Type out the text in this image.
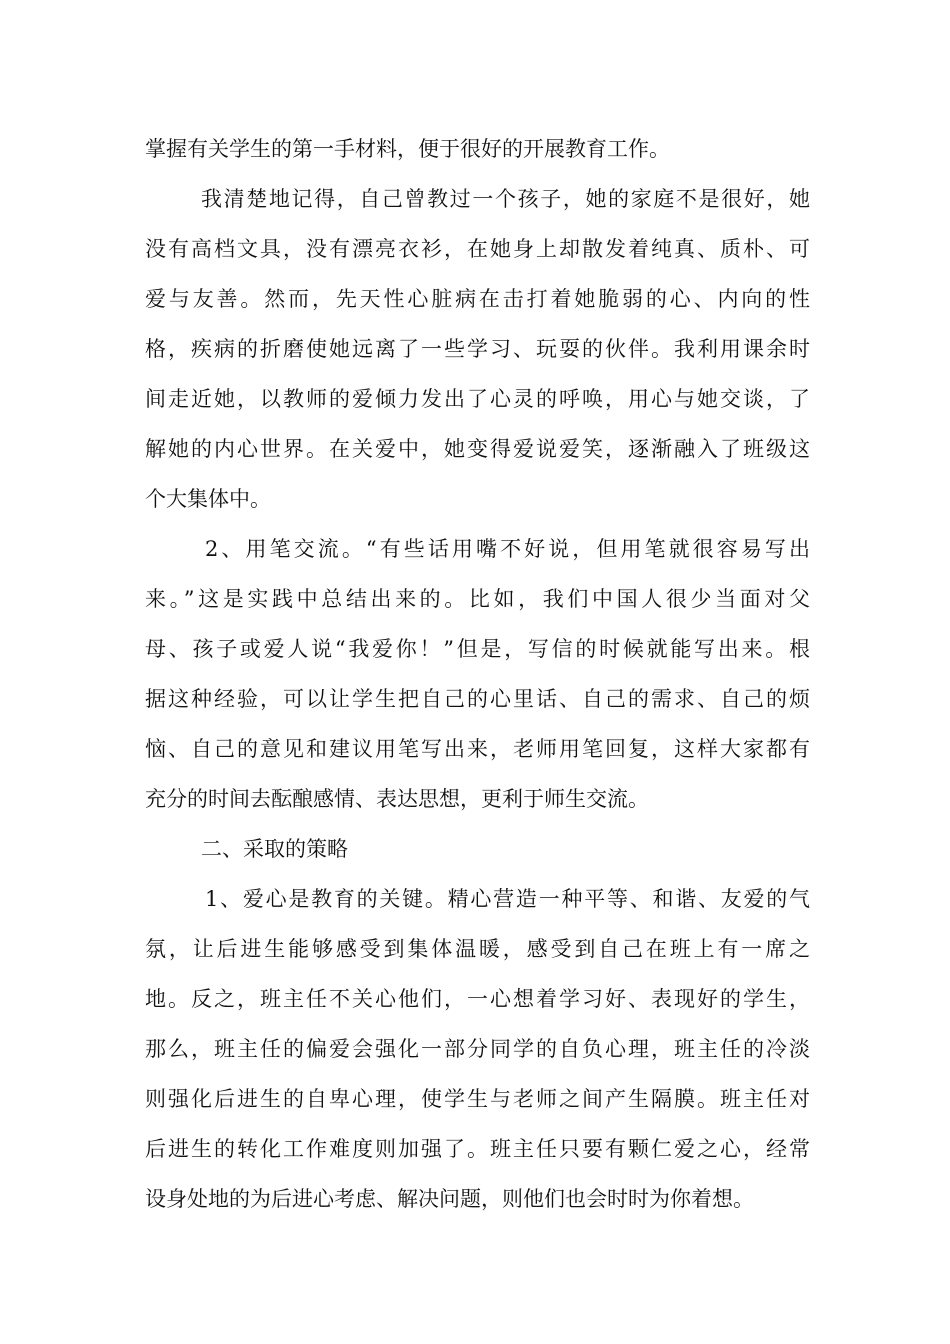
掌握有关学生的第一手材料，便于很好的开展教育工作。
我清楚地记得，自己曾教过一个孩子，她的家庭不是很好，她
没有高档文具，没有漂亮衣衫，在她身上却散发着纯真、质朴、可
爱与友善。然而，先天性心脏病在击打着她脆弱的心、内向的性
格，疾病的折磨使她远离了一些学习、玩耍的伙伴。我利用课余时
间走近她，以教师的爱倾力发出了心灵的呼唤，用心与她交谈，了
解她的内心世界。在关爱中，她变得爱说爱笑，逐渐融入了班级这
个大集体中。
2、用笔交流。“有些话用嘴不好说，但用笔就很容易写出
来。”这是实践中总结出来的。比如，我们中国人很少当面对父
母、孩子或爱人说“我爱你！”但是，写信的时候就能写出来。根
据这种经验，可以让学生把自己的心里话、自己的需求、自己的烦
恼、自己的意见和建议用笔写出来，老师用笔回复，这样大家都有
充分的时间去酝酿感情、表达思想，更利于师生交流。
二、采取的策略
1、爱心是教育的关键。精心营造一种平等、和谐、友爱的气
氛，让后进生能够感受到集体温暖，感受到自己在班上有一席之
地。反之，班主任不关心他们，一心想着学习好、表现好的学生，
那么，班主任的偏爱会强化一部分同学的自负心理，班主任的冷淡
则强化后进生的自卑心理，使学生与老师之间产生隔膜。班主任对
后进生的转化工作难度则加强了。班主任只要有颗仁爱之心，经常
设身处地的为后进心考虑、解决问题，则他们也会时时为你着想。
